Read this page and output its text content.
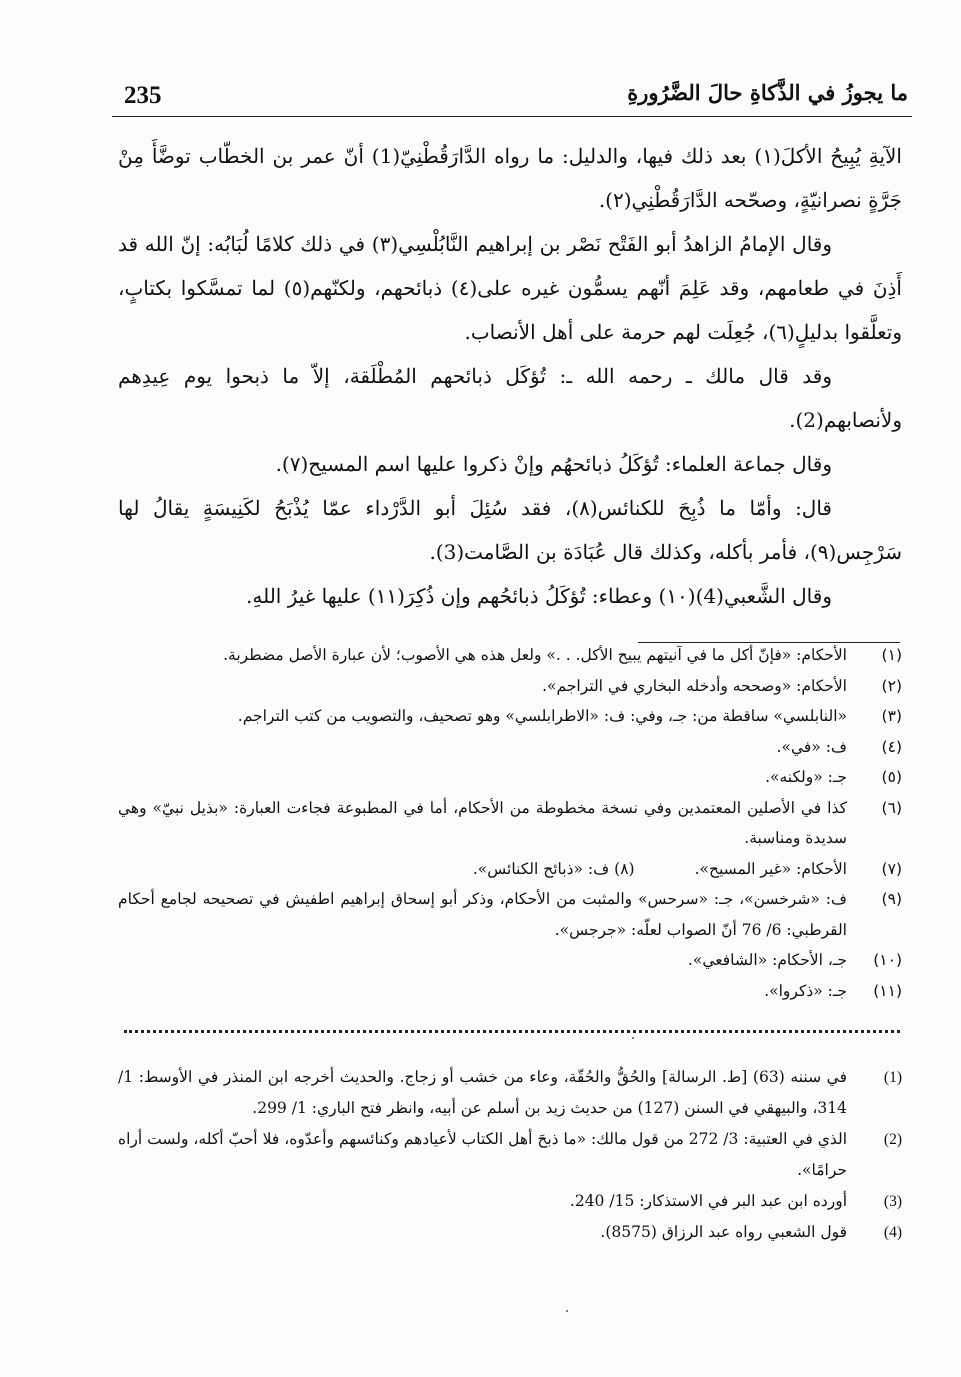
235	ما يجوزُ في الذَّكاةِ حالَ الضَّرُورةِ

الآيةِ يُبِيحُ الأكلَ(١) بعد ذلك فيها، والدليل: ما رواه الدَّارَقُطْنِيّ(1) أنّ عمر بن الخطّاب توضَّأَ مِنْ جَرَّةٍ نصرانيّةٍ، وصحّحه الدَّارَقُطْنِي(٢).

وقال الإمامُ الزاهدُ أبو الفَتْح نَصْر بن إبراهيم النَّابُلْسِي(٣) في ذلك كلامًا لُبَابُه: إنّ الله قد أَذِنَ في طعامهم، وقد عَلِمَ أنّهم يسمُّون غيره على(٤) ذبائحهم، ولكنّهم(٥) لما تمسَّكوا بكتابٍ، وتعلَّقوا بدليلٍ(٦)، جُعِلَت لهم حرمة على أهل الأنصاب.

وقد قال مالك ـ رحمه الله ـ: تُؤكَل ذبائحهم المُطْلَقة، إلاّ ما ذبحوا يوم عِيدِهم ولأنصابهم(2).

وقال جماعة العلماء: تُؤكَلُ ذبائحهُم وإنْ ذكروا عليها اسم المسيح(٧).

قال: وأمّا ما ذُبِحَ للكنائس(٨)، فقد سُئِلَ أبو الدَّرْداء عمّا يُذْبَحُ لكَنِيسَةٍ يقالُ لها سَرْجِس(٩)، فأمر بأكله، وكذلك قال عُبَادَة بن الصَّامت(3).

وقال الشَّعبي(4)(١٠) وعطاء: تُؤكَلُ ذبائحُهم وإن ذُكِرَ(١١) عليها غيرُ اللهِ.

(١)
الأحكام: «فإنّ أكل ما في آنيتهم يبيح الأكل. . .» ولعل هذه هي الأصوب؛ لأن عبارة الأصل مضطربة.
(٢)
الأحكام: «وصححه وأدخله البخاري في التراجم».
(٣)
«النابلسي» ساقطة من: جـ، وفي: ف: «الاطرابلسي» وهو تصحيف، والتصويب من كتب التراجم.
(٤)
ف: «في».
(٥)
جـ: «ولكنه».
(٦)
كذا في الأصلين المعتمدين وفي نسخة مخطوطة من الأحكام، أما في المطبوعة فجاءت العبارة: «بذيل نبيّ» وهي سديدة ومناسبة.
(٧)
الأحكام: «غير المسيح».
(٨) ف: «ذبائح الكنائس».
(٩)
ف: «شرخسن»، جـ: «سرحس» والمثبت من الأحكام، وذكر أبو إسحاق إبراهيم اطفيش في تصحيحه لجامع أحكام القرطبي: 6/ 76 أنّ الصواب لعلّه: «جرجس».
(١٠)
جـ، الأحكام: «الشافعي».
(١١)
جـ: «ذكروا».
(1)
في سننه (63) [ط. الرسالة] والحُقُّ والحُقّة، وعاء من خشب أو زجاج. والحديث أخرجه ابن المنذر في الأوسط: 1/ 314، والبيهقي في السنن (127) من حديث زيد بن أسلم عن أبيه، وانظر فتح الباري: 1/ 299.
(2)
الذي في العتبية: 3/ 272 من قول مالك: «ما ذبحَ أهل الكتاب لأعيادهم وكنائسهم وأعدّوه، فلا أحبّ أكله، ولست أراه حرامًا».
(3)
أورده ابن عبد البر في الاستذكار: 15/ 240.
(4)
قول الشعبي رواه عبد الرزاق (8575).
